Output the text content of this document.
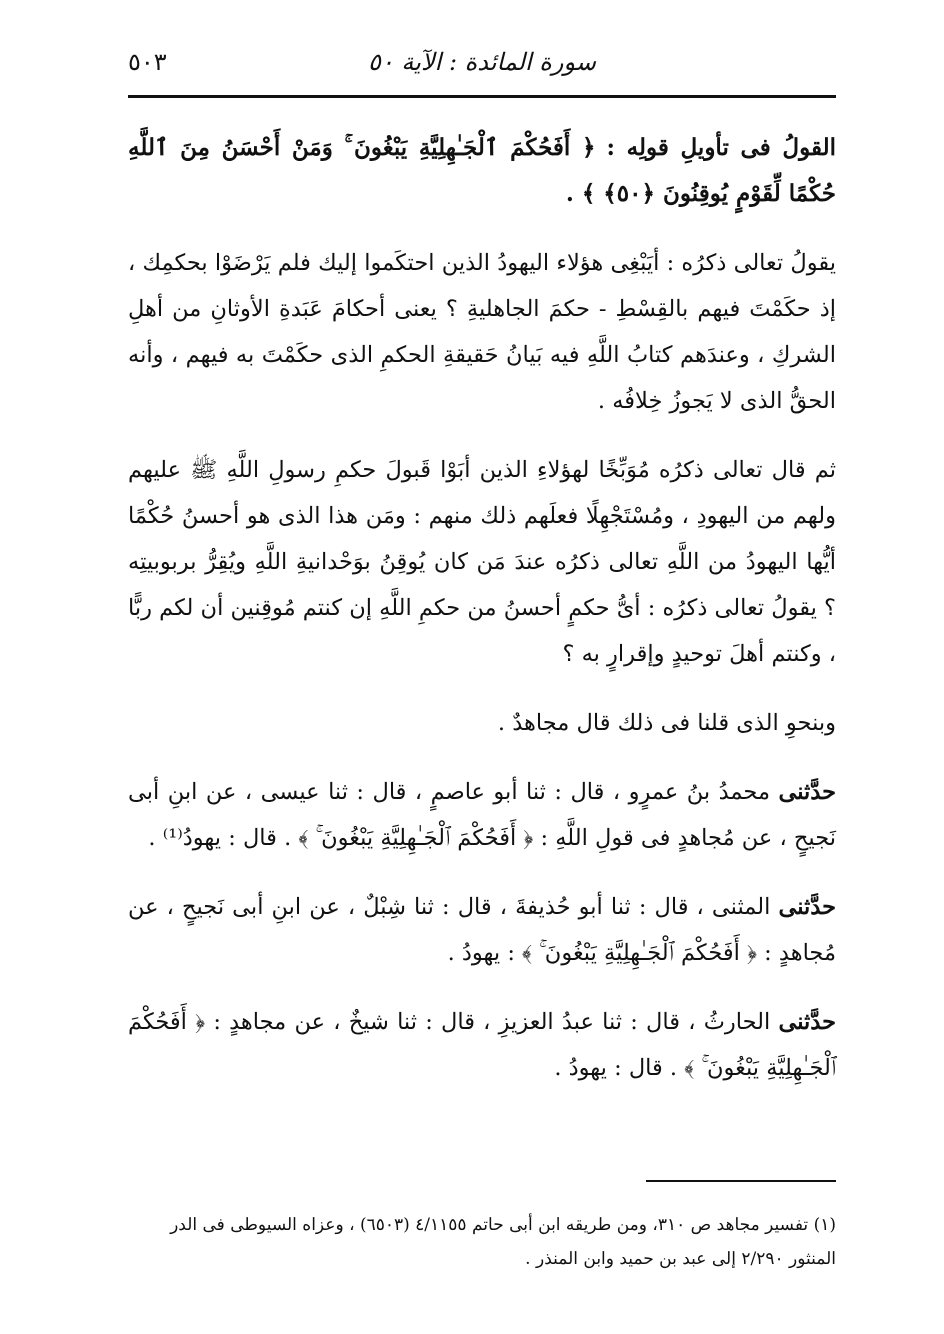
٥٠٣	سورة المائدة : الآية ٥٠

القولُ فى تأويلِ قولِه : ﴿ أَفَحُكْمَ ٱلْجَـٰهِلِيَّةِ يَبْغُونَ ۚ وَمَنْ أَحْسَنُ مِنَ ٱللَّهِ حُكْمًا لِّقَوْمٍ يُوقِنُونَ ﴿٥٠﴾ ﴾ .

يقولُ تعالى ذكرُه : أيَبْغِى هؤلاء اليهودُ الذين احتكَموا إليك فلم يَرْضَوْا بحكمِك ، إذ حكَمْتَ فيهم بالقِسْطِ - حكمَ الجاهليةِ ؟ يعنى أحكامَ عَبَدةِ الأوثانِ من أهلِ الشركِ ، وعندَهم كتابُ اللَّهِ فيه بَيانُ حَقيقةِ الحكمِ الذى حكَمْتَ به فيهم ، وأنه الحقُّ الذى لا يَجوزُ خِلافُه .

ثم قال تعالى ذكرُه مُوَبِّخًا لهؤلاءِ الذين أبَوْا قَبولَ حكمِ رسولِ اللَّهِ ﷺ عليهم ولهم من اليهودِ ، ومُسْتَجْهِلًا فعلَهم ذلك منهم : ومَن هذا الذى هو أحسنُ حُكْمًا أيُّها اليهودُ من اللَّهِ تعالى ذكرُه عندَ مَن كان يُوقِنُ بوَحْدانيةِ اللَّهِ ويُقِرُّ بربوبيتِه ؟ يقولُ تعالى ذكرُه : أىُّ حكمٍ أحسنُ من حكمِ اللَّهِ إن كنتم مُوقِنين أن لكم ربًّا ، وكنتم أهلَ توحيدٍ وإقرارٍ به ؟

وبنحوِ الذى قلنا فى ذلك قال مجاهدٌ .

حدَّثنى محمدُ بنُ عمرٍو ، قال : ثنا أبو عاصمٍ ، قال : ثنا عيسى ، عن ابنِ أبى نَجيحٍ ، عن مُجاهدٍ فى قولِ اللَّهِ : ﴿ أَفَحُكْمَ ٱلْجَـٰهِلِيَّةِ يَبْغُونَ ۚ ﴾ . قال : يهودُ⁽¹⁾ .

حدَّثنى المثنى ، قال : ثنا أبو حُذيفةَ ، قال : ثنا شِبْلٌ ، عن ابنِ أبى نَجيحٍ ، عن مُجاهدٍ : ﴿ أَفَحُكْمَ ٱلْجَـٰهِلِيَّةِ يَبْغُونَ ۚ ﴾ : يهودُ .

حدَّثنى الحارثُ ، قال : ثنا عبدُ العزيزِ ، قال : ثنا شيخٌ ، عن مجاهدٍ : ﴿ أَفَحُكْمَ ٱلْجَـٰهِلِيَّةِ يَبْغُونَ ۚ ﴾ . قال : يهودُ .

(١) تفسير مجاهد ص ٣١٠، ومن طريقه ابن أبى حاتم ٤/١١٥٥ (٦٥٠٣) ، وعزاه السيوطى فى الدر المنثور ٢/٢٩٠ إلى عبد بن حميد وابن المنذر .
